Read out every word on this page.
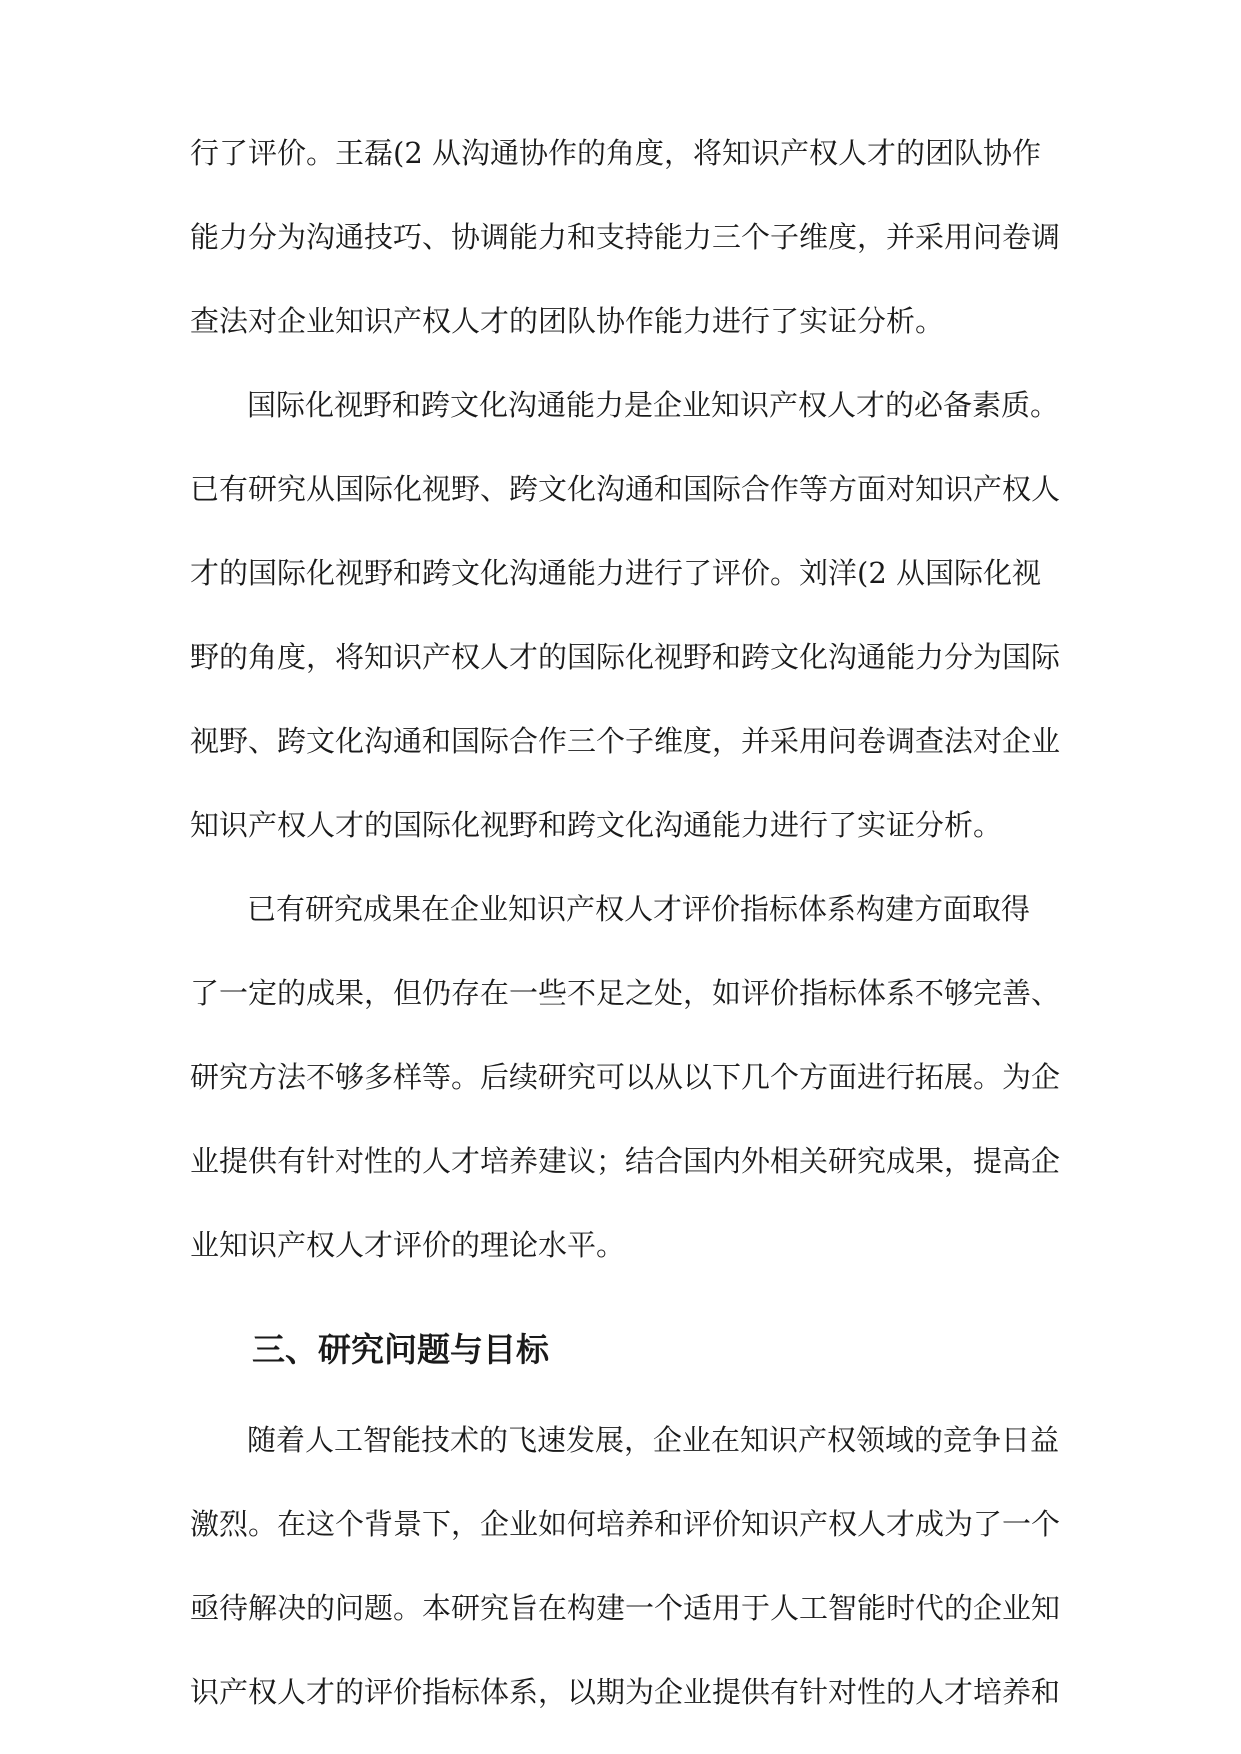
行了评价。王磊(2 从沟通协作的角度，将知识产权人才的团队协作
能力分为沟通技巧、协调能力和支持能力三个子维度，并采用问卷调
查法对企业知识产权人才的团队协作能力进行了实证分析。
国际化视野和跨文化沟通能力是企业知识产权人才的必备素质。
已有研究从国际化视野、跨文化沟通和国际合作等方面对知识产权人
才的国际化视野和跨文化沟通能力进行了评价。刘洋(2 从国际化视
野的角度，将知识产权人才的国际化视野和跨文化沟通能力分为国际
视野、跨文化沟通和国际合作三个子维度，并采用问卷调查法对企业
知识产权人才的国际化视野和跨文化沟通能力进行了实证分析。
已有研究成果在企业知识产权人才评价指标体系构建方面取得
了一定的成果，但仍存在一些不足之处，如评价指标体系不够完善、
研究方法不够多样等。后续研究可以从以下几个方面进行拓展。为企
业提供有针对性的人才培养建议；结合国内外相关研究成果，提高企
业知识产权人才评价的理论水平。
三、研究问题与目标
随着人工智能技术的飞速发展，企业在知识产权领域的竞争日益
激烈。在这个背景下，企业如何培养和评价知识产权人才成为了一个
亟待解决的问题。本研究旨在构建一个适用于人工智能时代的企业知
识产权人才的评价指标体系，以期为企业提供有针对性的人才培养和
